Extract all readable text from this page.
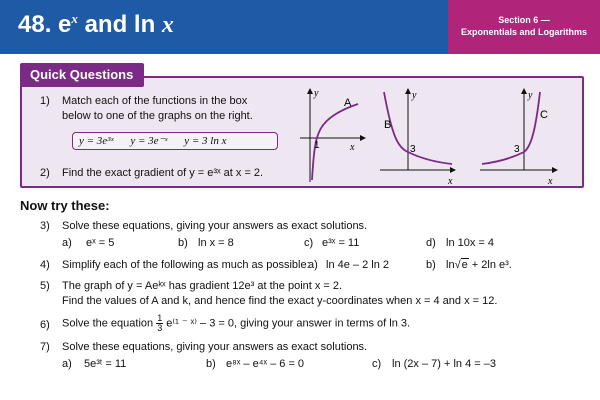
48. $e^x$ and ln x	Section 6 —
Exponentials and Logarithms
Quick Questions
1) Match each of the functions in the box
below to one of the graphs on the right.
y = 3e³ˣ y = 3e⁻ˣ y = 3 ln x
2) Find the exact gradient of y = e³ˣ at x = 2.
y
x
A
1
y
x
B
3
y
x
C
3
Now try these:
3) Solve these equations, giving your answers as exact solutions.
a) eˣ = 5	b) ln x = 8	c) e³ˣ = 11	d) ln 10x = 4
4) Simplify each of the following as much as possible:
a) ln 4e – 2 ln 2	b) ln√e + 2ln e³.
5) The graph of y = Aeᵏˣ has gradient 12e³ at the point x = 2.
Find the values of A and k, and hence find the exact y-coordinates when x = 4 and x = 12.
6) Solve the equation $\frac{1}{3} e^{(1}$ ⁻ ˣ⁾ – 3 = 0, giving your answer in terms of ln 3.
7) Solve these equations, giving your answers as exact solutions.
a) 5e³ᵗ = 11	b) e⁸ˣ – e⁴ˣ – 6 = 0	c) ln (2x – 7) + ln 4 = –3
